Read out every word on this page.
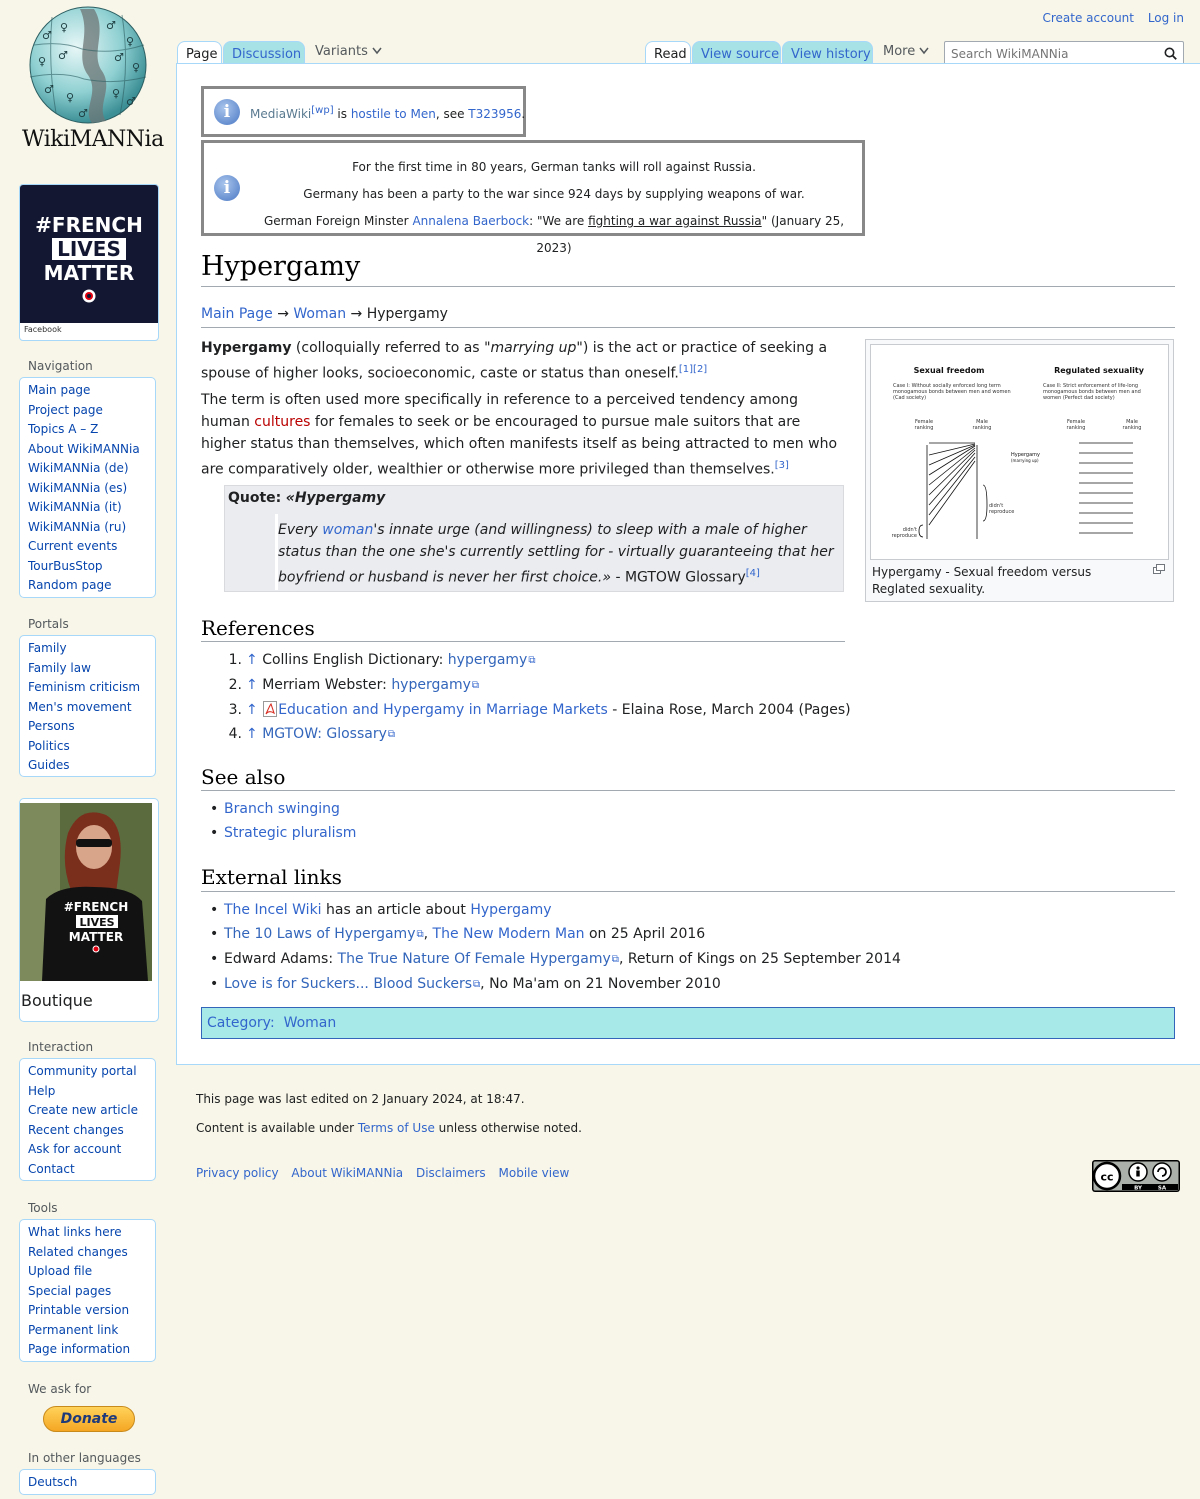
♂
♀	♂
♀
♀ ♂	♂
♀
♂
♀	♀
♂
♂
WikiMANNia
#FRENCH
LIVES
MATTER
Facebook
Navigation
Main page
Project page
Topics A – Z
About WikiMANNia
WikiMANNia (de)
WikiMANNia (es)
WikiMANNia (it)
WikiMANNia (ru)
Current events
TourBusStop
Random page
Portals
Family
Family law
Feminism criticism
Men's movement
Persons
Politics
Guides
#FRENCH
LIVES
MATTER
Boutique
Interaction
Community portal
Help
Create new article
Recent changes
Ask for account
Contact
Tools
What links here
Related changes
Upload file
Special pages
Printable version
Permanent link
Page information
We ask for
Donate
In other languages
Deutsch
Create account Log in
Page	Discussion Variants	Read	View source View history More
Search WikiMANNia
i	MediaWiki[wp] is hostile to Men, see T323956.
i
For the first time in 80 years, German tanks will roll against Russia.
Germany has been a party to the war since 924 days by supplying weapons of war.
German Foreign Minster Annalena Baerbock: "We are fighting a war against Russia" (January 25, 2023)
Hypergamy
Main Page → Woman → Hypergamy
Hypergamy (colloquially referred to as "marrying up") is the act or practice of seeking a spouse of higher looks, socioeconomic, caste or status than oneself.[1][2]
The term is often used more specifically in reference to a perceived tendency among human cultures for females to seek or be encouraged to pursue male suitors that are higher status than themselves, which often manifests itself as being attracted to men who are comparatively older, wealthier or otherwise more privileged than themselves.[3]
Quote: «Hypergamy
Every woman's innate urge (and willingness) to sleep with a male of higher status than the one she's currently settling for - virtually guaranteeing that her boyfriend or husband is never her first choice.» - MGTOW Glossary[4]
Sexual freedom	Regulated sexuality
Case I: Without socially enforced long term monogamous bonds between men and women (Cad society)
Case II: Strict enforcement of life-long monogamous bonds between men and women (Perfect dad society)
Female ranking
Male ranking
Female ranking
Male ranking
Hypergamy
(marrying up)
didn't reproduce
didn't reproduce
Hypergamy - Sexual freedom versus Reglated sexuality.
References
1. ↑ Collins English Dictionary: hypergamy⧉
2. ↑ Merriam Webster: hypergamy⧉
3. ↑ Education and Hypergamy in Marriage Markets - Elaina Rose, March 2004 (Pages)
4. ↑ MGTOW: Glossary⧉
See also
• Branch swinging
• Strategic pluralism
External links
• The Incel Wiki has an article about Hypergamy
• The 10 Laws of Hypergamy⧉, The New Modern Man on 25 April 2016
• Edward Adams: The True Nature Of Female Hypergamy⧉, Return of Kings on 25 September 2014
• Love is for Suckers... Blood Suckers⧉, No Ma'am on 21 November 2010
Category: Woman
This page was last edited on 2 January 2024, at 18:47.
Content is available under Terms of Use unless otherwise noted.
Privacy policy About WikiMANNia Disclaimers Mobile view	cc
BY	SA
